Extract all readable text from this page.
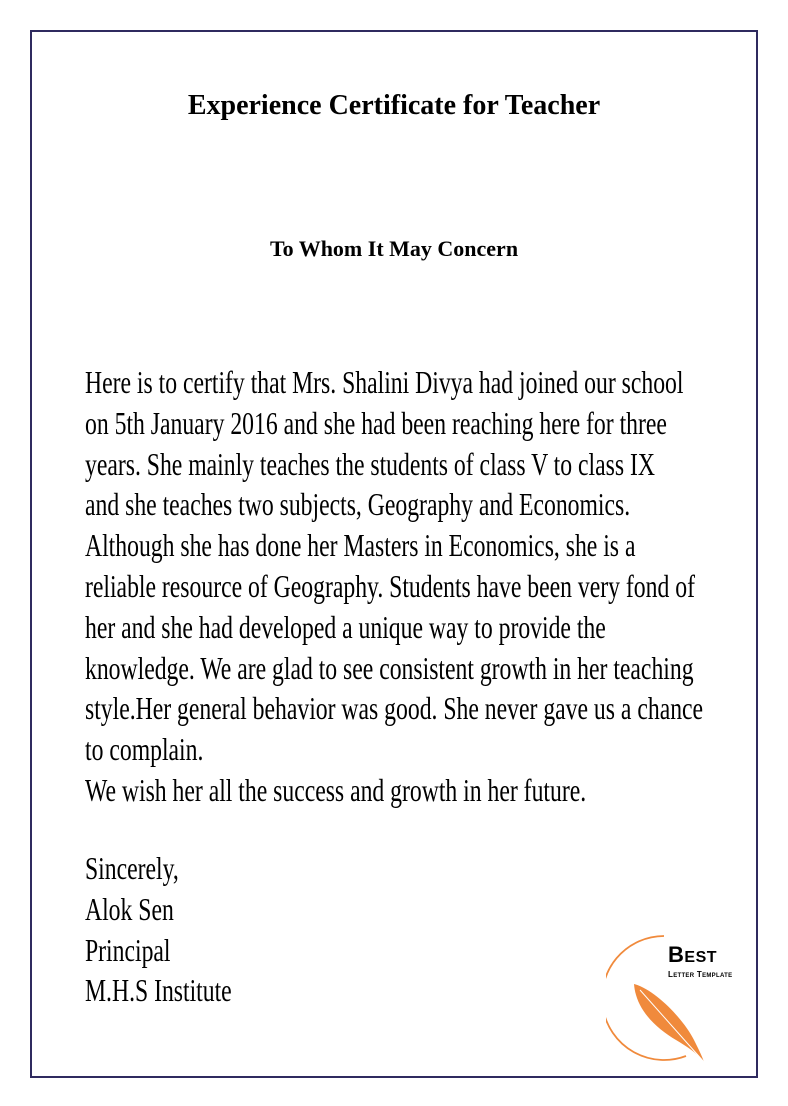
Experience Certificate for Teacher
To Whom It May Concern
Here is to certify that Mrs. Shalini Divya had joined our school
on 5th January 2016 and she had been reaching here for three
years. She mainly teaches the students of class V to class IX
and she teaches two subjects, Geography and Economics.
Although she has done her Masters in Economics, she is a
reliable resource of Geography. Students have been very fond of
her and she had developed a unique way to provide the
knowledge. We are glad to see consistent growth in her teaching
style.Her general behavior was good. She never gave us a chance
to complain.
We wish her all the success and growth in her future.
Sincerely,
Alok Sen
Principal
M.H.S Institute
BEST
LETTER TEMPLATE
